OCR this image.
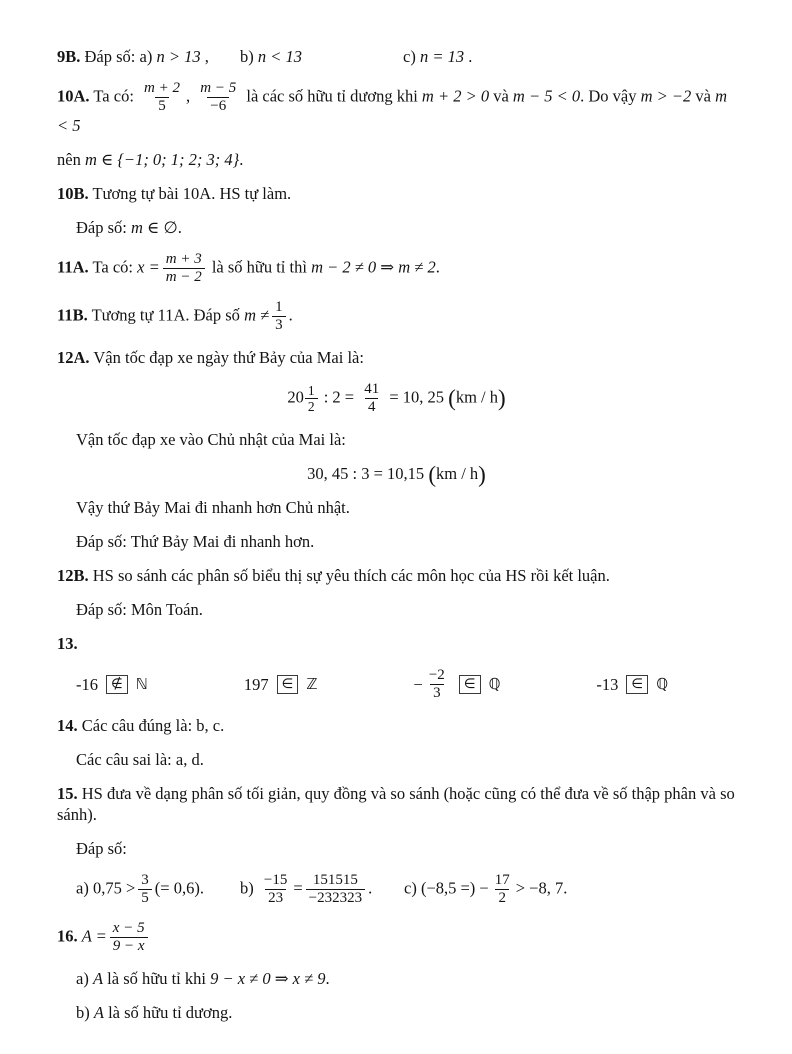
9B. Đáp số: a) n > 13 , b) n < 13	c) n = 13 .
10A. Ta có: $\frac{m + 2}{5}$ , $\frac{m - 5}{-6}$ là các số hữu tỉ dương khi m + 2 > 0 và m − 5 < 0. Do vậy m > −2 và m < 5
nên m ∈ {−1; 0; 1; 2; 3; 4}.
10B. Tương tự bài 10A. HS tự làm.
Đáp số: m ∈ ∅.
11A. Ta có: $x = \frac{m + 3}{m - 2}$ là số hữu tỉ thì m − 2 ≠ 0 ⇒ m ≠ 2.
11B. Tương tự 11A. Đáp số $m \ne \frac{1}{3}$ .
12A. Vận tốc đạp xe ngày thứ Bảy của Mai là:
$20 \frac{1}{2}$ : $2 = \frac{41}{4} = 10$, 25 (km / h)
Vận tốc đạp xe vào Chủ nhật của Mai là:
30, 45 : 3 = 10,15 (km / h)
Vậy thứ Bảy Mai đi nhanh hơn Chủ nhật.
Đáp số: Thứ Bảy Mai đi nhanh hơn.
12B. HS so sánh các phân số biểu thị sự yêu thích các môn học của HS rồi kết luận.
Đáp số: Môn Toán.
13.
-16 ∉ ℕ	197 ∈ ℤ	− $\frac{-2}{3}$	∈ ℚ	-13 ∈ ℚ
14. Các câu đúng là: b, c.
Các câu sai là: a, d.
15. HS đưa về dạng phân số tối giản, quy đồng và so sánh (hoặc cũng có thể đưa về số thập phân và so sánh).
Đáp số:
a) $0,75 > \frac{3}{5}$ (= 0,6). $b) \frac{-15}{23} = \frac{151515}{-232323}$ . c) (−8,5 =) − $\frac{17}{2} > -8$, 7.
16. $A = \frac{x - 5}{9 - x}$
a) A là số hữu tỉ khi 9 − x ≠ 0 ⇒ x ≠ 9.
b) A là số hữu tỉ dương.
